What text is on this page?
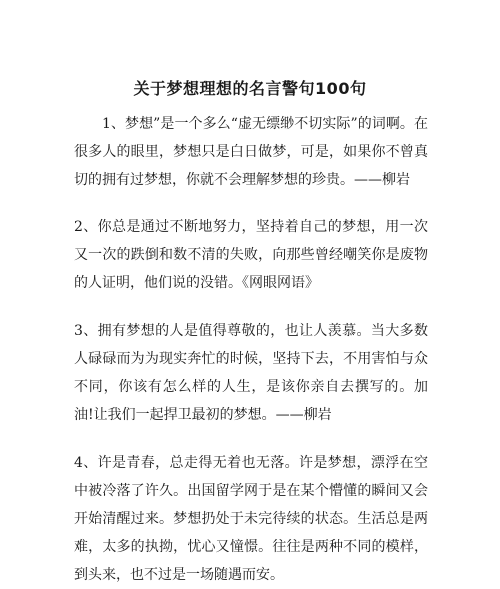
关于梦想理想的名言警句100句

1、梦想”是一个多么“虚无缥缈不切实际”的词啊。在很多人的眼里，梦想只是白日做梦，可是，如果你不曾真切的拥有过梦想，你就不会理解梦想的珍贵。——柳岩

2、你总是通过不断地努力，坚持着自己的梦想，用一次又一次的跌倒和数不清的失败，向那些曾经嘲笑你是废物的人证明，他们说的没错。《网眼网语》

3、拥有梦想的人是值得尊敬的，也让人羡慕。当大多数人碌碌而为为现实奔忙的时候，坚持下去，不用害怕与众不同，你该有怎么样的人生，是该你亲自去撰写的。加油!让我们一起捍卫最初的梦想。——柳岩

4、许是青春，总走得无着也无落。许是梦想，漂浮在空中被冷落了许久。出国留学网于是在某个懵懂的瞬间又会开始清醒过来。梦想扔处于未完待续的状态。生活总是两难，太多的执拗，忧心又憧憬。往往是两种不同的模样，到头来，也不过是一场随遇而安。
